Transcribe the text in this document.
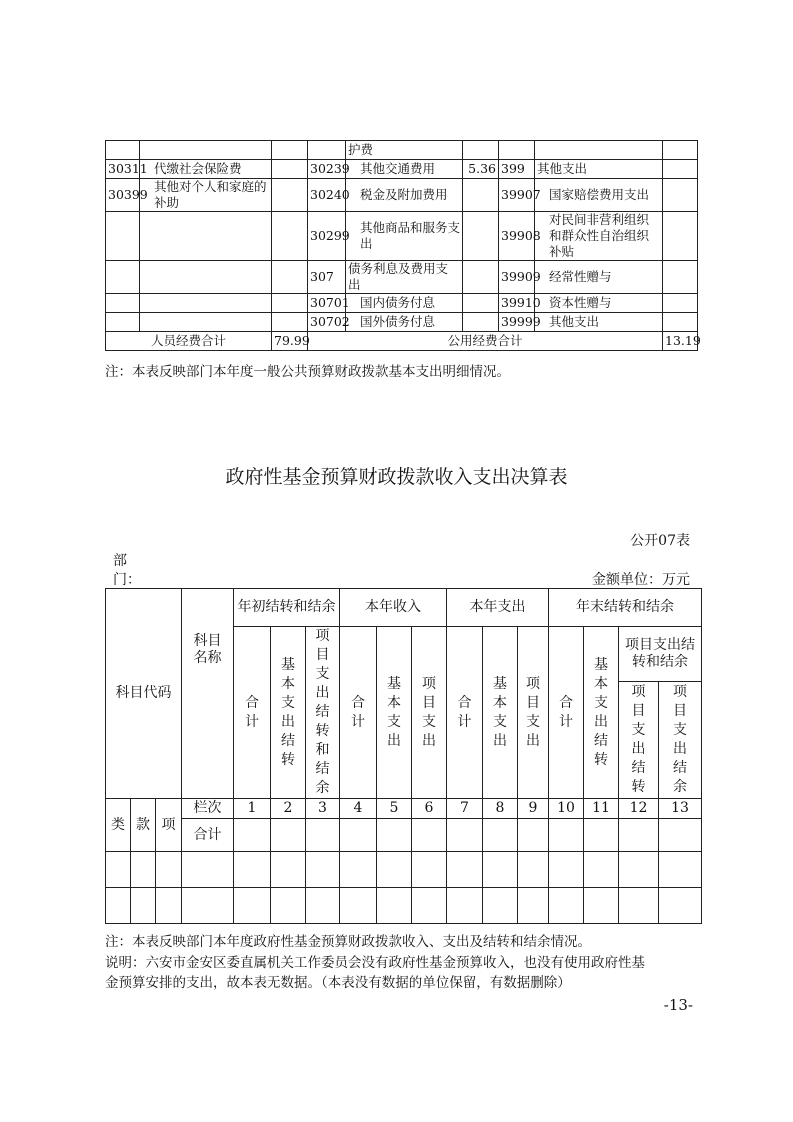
				护费				
30311	代缴社会保险费		30239	其他交通费用	5.36	399	其他支出	
30399	其他对个人和家庭的补助		30240	税金及附加费用		39907	国家赔偿费用支出	
			30299	其他商品和服务支出		39908	对民间非营利组织和群众性自治组织补贴	
			307	债务利息及费用支出		39909	经常性赠与	
			30701	国内债务付息		39910	资本性赠与	
			30702	国外债务付息		39999	其他支出	
人员经费合计		79.99	公用经费合计					13.19
注：本表反映部门本年度一般公共预算财政拨款基本支出明细情况。
政府性基金预算财政拨款收入支出决算表
公开07表
部
门：	金额单位：万元
科目代码			科目名称	年初结转和结余			本年收入			本年支出			年末结转和结余			
				合计	基本支出结转	项目支出结转和结余	合计	基本支出	项目支出	合计	基本支出	项目支出	合计	基本支出结转	项目支出结转和结余	
															项目支出结转	项目支出结余
类	款	项	栏次	1	2	3	4	5	6	7	8	9	10	11	12	13
			合计													

注：本表反映部门本年度政府性基金预算财政拨款收入、支出及结转和结余情况。
说明：六安市金安区委直属机关工作委员会没有政府性基金预算收入，也没有使用政府性基
金预算安排的支出，故本表无数据。（本表没有数据的单位保留，有数据删除）
-13-
